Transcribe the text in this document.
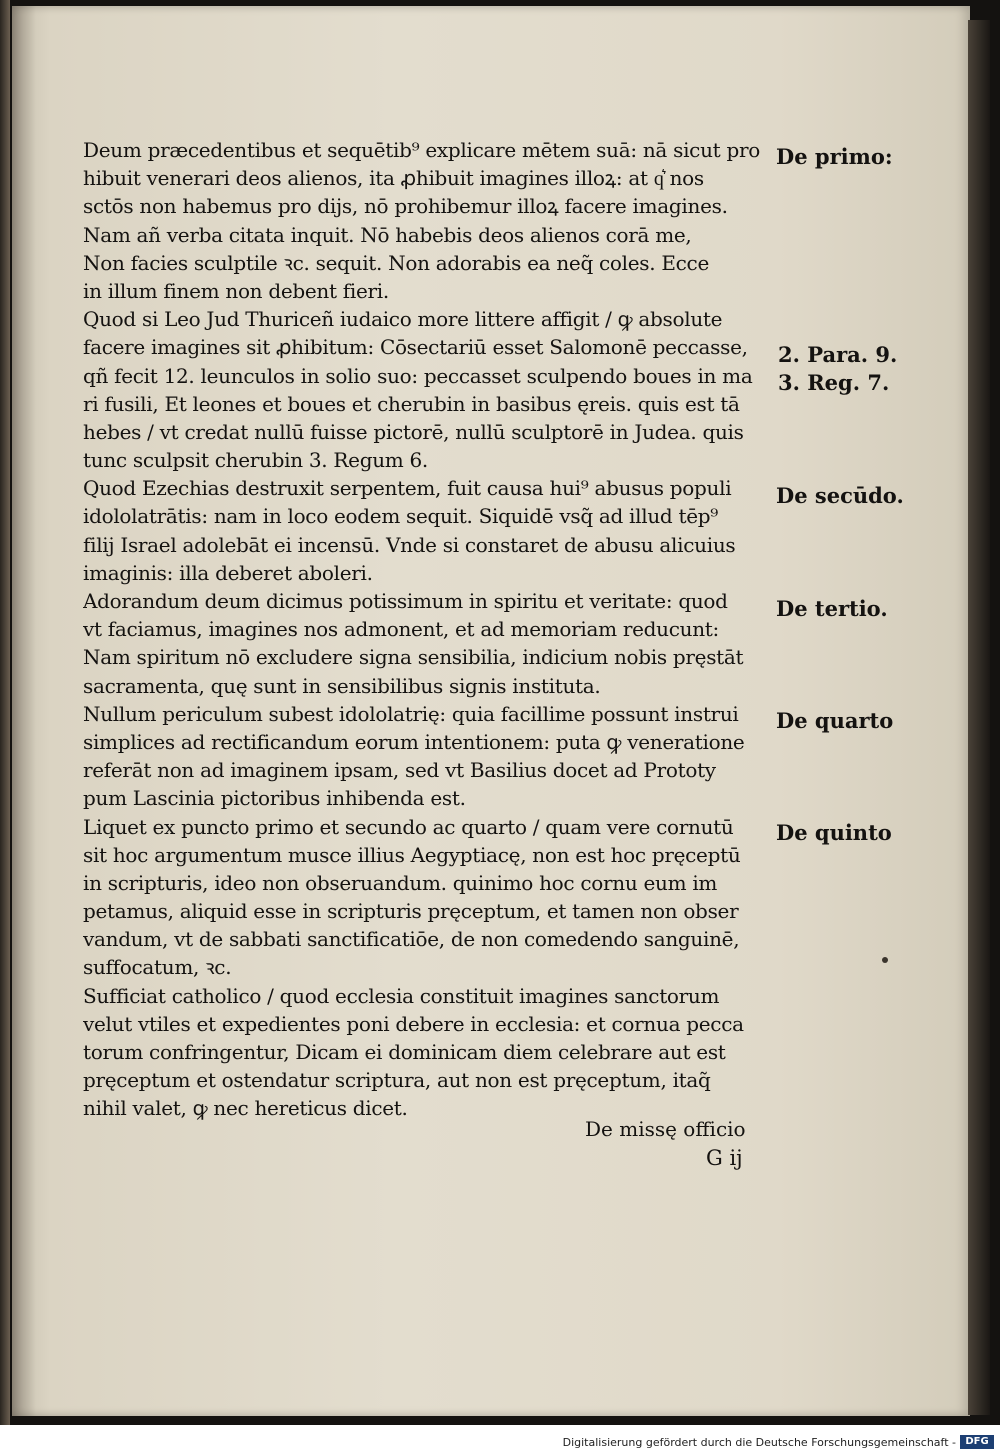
Deum præcedentibus et sequētib⁹ explicare mētem suā: nā sicut pro
hibuit venerari deos alienos, ita ꝓhibuit imagines illoꝝ: at q͛ nos
sctōs non habemus pro dijs, nō prohibemur illoꝝ facere imagines.
Nam añ verba citata inquit. Nō habebis deos alienos corā me,
Non facies sculptile ꝛc. sequit. Non adorabis ea neq̃ coles. Ecce
in illum finem non debent fieri.
Quod si Leo Jud Thuriceñ iudaico more littere affigit / ꝙ absolute
facere imagines sit ꝓhibitum: Cōsectariū esset Salomonē peccasse,
qñ fecit 12. leunculos in solio suo: peccasset sculpendo boues in ma
ri fusili, Et leones et boues et cherubin in basibus ęreis. quis est tā
hebes / vt credat nullū fuisse pictorē, nullū sculptorē in Judea. quis
tunc sculpsit cherubin 3. Regum 6.
Quod Ezechias destruxit serpentem, fuit causa hui⁹ abusus populi
idololatrātis: nam in loco eodem sequit. Siquidē vsq̃ ad illud tēp⁹
filij Israel adolebāt ei incensū. Vnde si constaret de abusu alicuius
imaginis: illa deberet aboleri.
Adorandum deum dicimus potissimum in spiritu et veritate: quod
vt faciamus, imagines nos admonent, et ad memoriam reducunt:
Nam spiritum nō excludere signa sensibilia, indicium nobis pręstāt
sacramenta, quę sunt in sensibilibus signis instituta.
Nullum periculum subest idololatrię: quia facillime possunt instrui
simplices ad rectificandum eorum intentionem: puta ꝙ veneratione
referāt non ad imaginem ipsam, sed vt Basilius docet ad Prototy
pum Lascinia pictoribus inhibenda est.
Liquet ex puncto primo et secundo ac quarto / quam vere cornutū
sit hoc argumentum musce illius Aegyptiacę, non est hoc pręceptū
in scripturis, ideo non obseruandum. quinimo hoc cornu eum im
petamus, aliquid esse in scripturis pręceptum, et tamen non obser
vandum, vt de sabbati sanctificatiōe, de non comedendo sanguinē,
suffocatum, ꝛc.
Sufficiat catholico / quod ecclesia constituit imagines sanctorum
velut vtiles et expedientes poni debere in ecclesia: et cornua pecca
torum confringentur, Dicam ei dominicam diem celebrare aut est
pręceptum et ostendatur scriptura, aut non est pręceptum, itaq̃
nihil valet, ꝙ nec hereticus dicet.
De primo:
2. Para. 9.
3. Reg. 7.
De secūdo.
De tertio.
De quarto
De quinto
De missę officio
G ij
Digitalisierung gefördert durch die Deutsche Forschungsgemeinschaft - DFG
